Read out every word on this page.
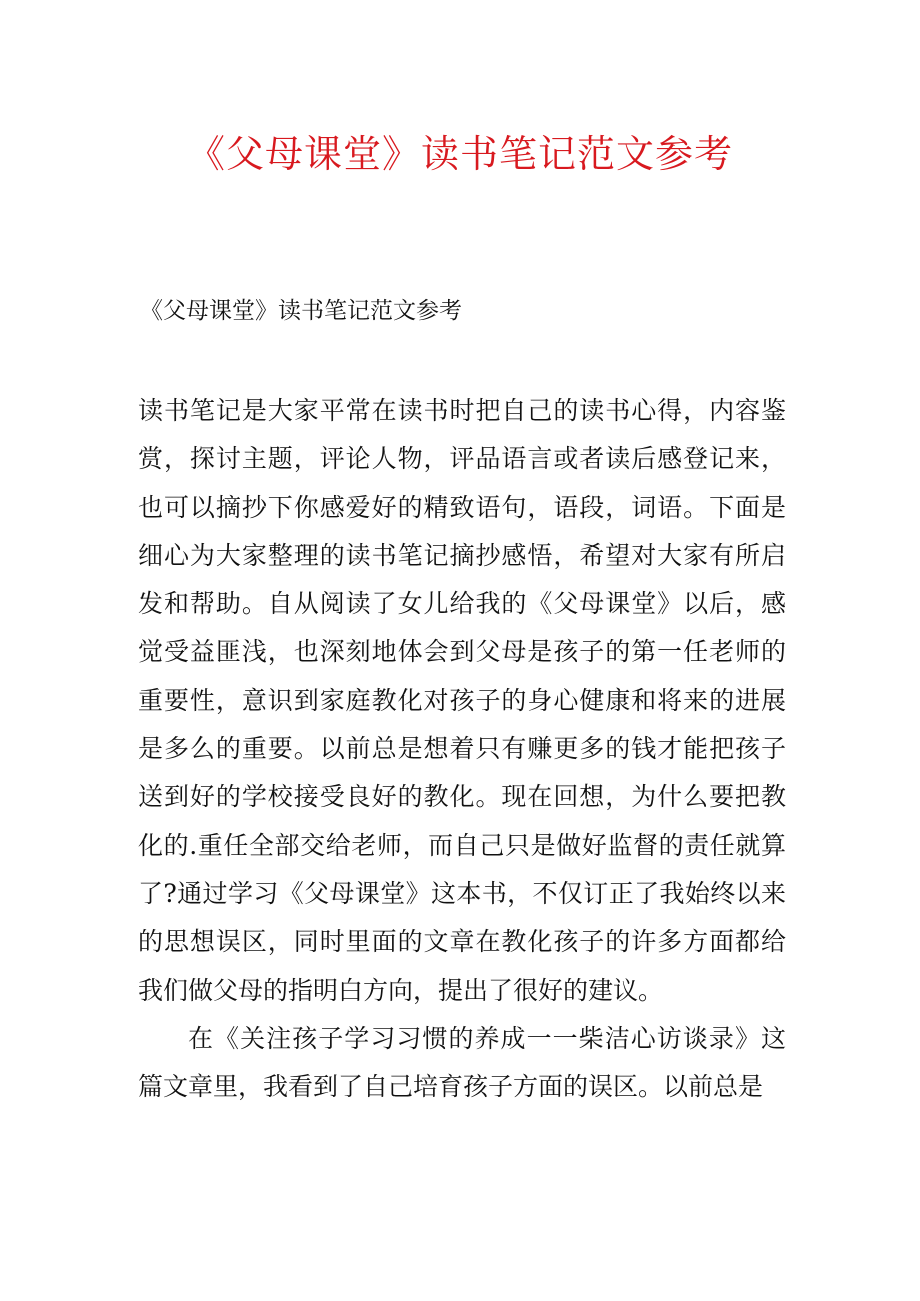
《父母课堂》读书笔记范文参考

《父母课堂》读书笔记范文参考

读书笔记是大家平常在读书时把自己的读书心得，内容鉴赏，探讨主题，评论人物，评品语言或者读后感登记来，也可以摘抄下你感爱好的精致语句，语段，词语。下面是细心为大家整理的读书笔记摘抄感悟，希望对大家有所启发和帮助。自从阅读了女儿给我的《父母课堂》以后，感觉受益匪浅，也深刻地体会到父母是孩子的第一任老师的重要性，意识到家庭教化对孩子的身心健康和将来的进展是多么的重要。以前总是想着只有赚更多的钱才能把孩子送到好的学校接受良好的教化。现在回想，为什么要把教化的.重任全部交给老师，而自己只是做好监督的责任就算了?通过学习《父母课堂》这本书，不仅订正了我始终以来的思想误区，同时里面的文章在教化孩子的许多方面都给我们做父母的指明白方向，提出了很好的建议。

在《关注孩子学习习惯的养成一一柴洁心访谈录》这篇文章里，我看到了自己培育孩子方面的误区。以前总是
